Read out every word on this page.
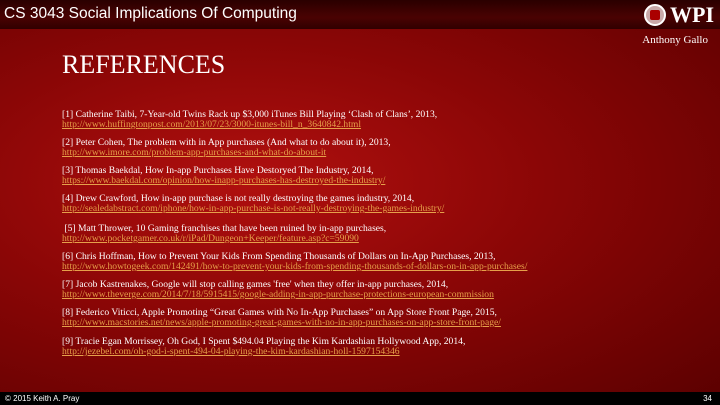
CS 3043 Social Implications Of Computing	WPI
Anthony Gallo
REFERENCES
[1] Catherine Taibi, 7-Year-old Twins Rack up $3,000 iTunes Bill Playing ‘Clash of Clans’, 2013,
http://www.huffingtonpost.com/2013/07/23/3000-itunes-bill_n_3640842.html
[2] Peter Cohen, The problem with in App purchases (And what to do about it), 2013,
http://www.imore.com/problem-app-purchases-and-what-do-about-it
[3] Thomas Baekdal, How In-app Purchases Have Destoryed The Industry, 2014,
https://www.baekdal.com/opinion/how-inapp-purchases-has-destroyed-the-industry/
[4] Drew Crawford, How in-app purchase is not really destroying the games industry, 2014,
http://sealedabstract.com/iphone/how-in-app-purchase-is-not-really-destroying-the-games-industry/
[5] Matt Thrower, 10 Gaming franchises that have been ruined by in-app purchases,
http://www.pocketgamer.co.uk/r/iPad/Dungeon+Keeper/feature.asp?c=59090
[6] Chris Hoffman, How to Prevent Your Kids From Spending Thousands of Dollars on In-App Purchases, 2013,
http://www.howtogeek.com/142491/how-to-prevent-your-kids-from-spending-thousands-of-dollars-on-in-app-purchases/
[7] Jacob Kastrenakes, Google will stop calling games 'free' when they offer in-app purchases, 2014,
http://www.theverge.com/2014/7/18/5915415/google-adding-in-app-purchase-protections-european-commission
[8] Federico Viticci, Apple Promoting “Great Games with No In-App Purchases” on App Store Front Page, 2015,
http://www.macstories.net/news/apple-promoting-great-games-with-no-in-app-purchases-on-app-store-front-page/
[9] Tracie Egan Morrissey, Oh God, I Spent $494.04 Playing the Kim Kardashian Hollywood App, 2014,
http://jezebel.com/oh-god-i-spent-494-04-playing-the-kim-kardashian-holl-1597154346
© 2015 Keith A. Pray	34
